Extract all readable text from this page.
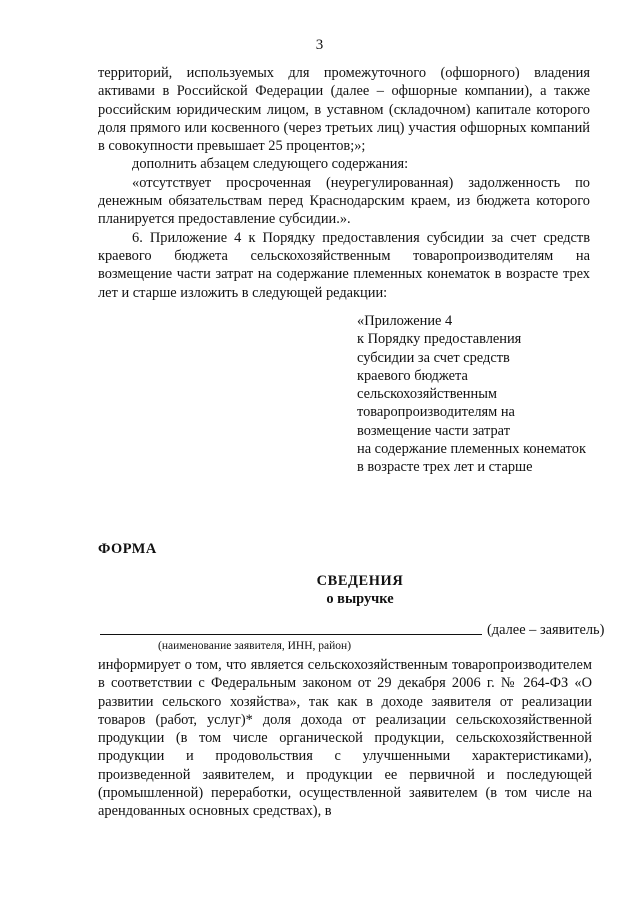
3

территорий, используемых для промежуточного (офшорного) владения активами в Российской Федерации (далее – офшорные компании), а также российским юридическим лицом, в уставном (складочном) капитале которого доля прямого или косвенного (через третьих лиц) участия офшорных компаний в совокупности превышает 25 процентов;»;

дополнить абзацем следующего содержания:

«отсутствует просроченная (неурегулированная) задолженность по денежным обязательствам перед Краснодарским краем, из бюджета которого планируется предоставление субсидии.».

6. Приложение 4 к Порядку предоставления субсидии за счет средств краевого бюджета сельскохозяйственным товаропроизводителям на возмещение части затрат на содержание племенных конематок в возрасте трех лет и старше изложить в следующей редакции:

«Приложение 4
к Порядку предоставления
субсидии за счет средств
краевого бюджета
сельскохозяйственным
товаропроизводителям на
возмещение части затрат
на содержание племенных конематок
в возрасте трех лет и старше
ФОРМА
СВЕДЕНИЯ
о выручке
(далее – заявитель)
(наименование заявителя, ИНН, район)

информирует о том, что является сельскохозяйственным товаропроизводителем в соответствии с Федеральным законом от 29 декабря 2006 г. № 264-ФЗ «О развитии сельского хозяйства», так как в доходе заявителя от реализации товаров (работ, услуг)* доля дохода от реализации сельскохозяйственной продукции (в том числе органической продукции, сельскохозяйственной продукции и продовольствия с улучшенными характеристиками), произведенной заявителем, и продукции ее первичной и последующей (промышленной) переработки, осуществленной заявителем (в том числе на арендованных основных средствах), в
